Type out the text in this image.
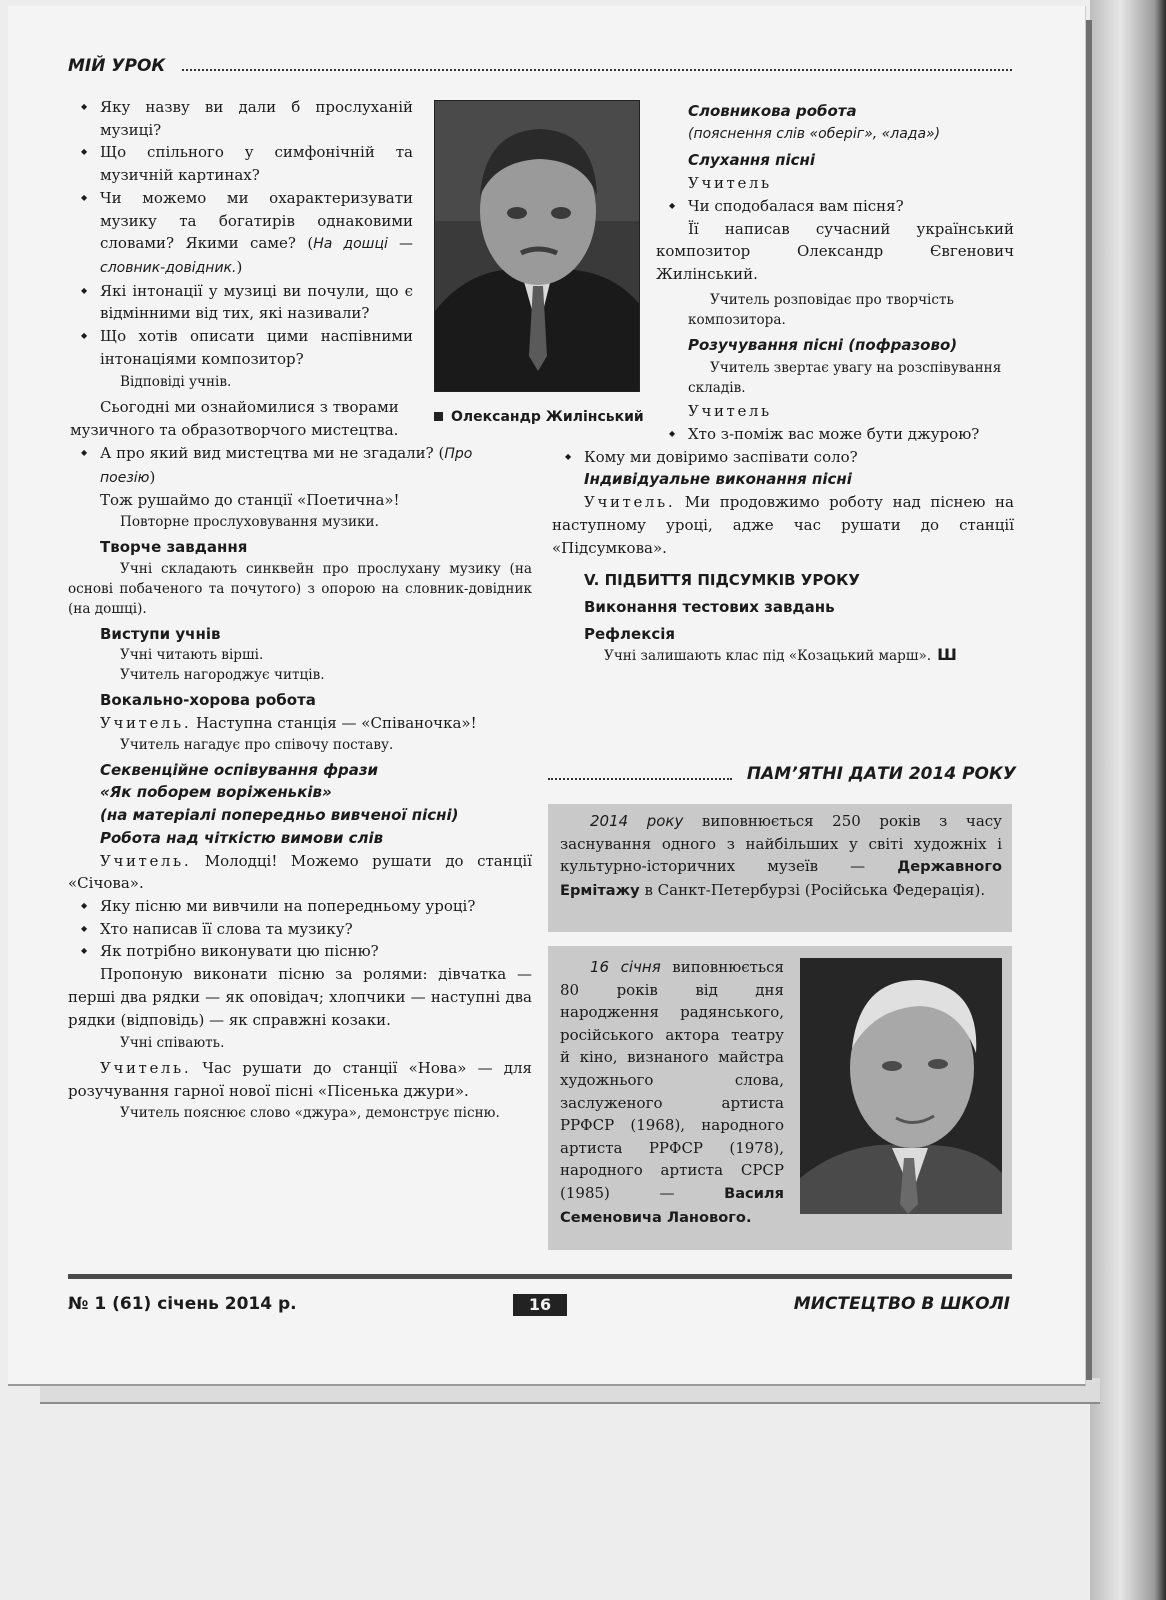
МІЙ УРОК
◆ Яку назву ви дали б прослуханій музиці?
◆ Що спільного у симфонічній та музичній картинах?
◆ Чи можемо ми охарактеризувати музику та богатирів однаковими словами? Якими саме? (На дошці — словник-довідник.)
◆ Які інтонації у музиці ви почули, що є відмінними від тих, які називали?
◆ Що хотів описати цими наспівними інтонаціями композитор?
Відповіді учнів.

Сьогодні ми ознайомилися з творами музичного та образотворчого мистецтва.

◆ А про який вид мистецтва ми не згадали? (Про поезію)

Тож рушаймо до станції «Поетична»!

Повторне прослуховування музики.
Творче завдання
Учні складають синквейн про прослухану музику (на основі побаченого та почутого) з опорою на словник-довідник (на дошці).
Виступи учнів
Учні читають вірші.
Учитель нагороджує читців.
Вокально-хорова робота

Учитель. Наступна станція — «Співаночка»!

Учитель нагадує про співочу поставу.
Секвенційне оспівування фрази
«Як поборем воріженьків»
(на матеріалі попередньо вивченої пісні)
Робота над чіткістю вимови слів

Учитель. Молодці! Можемо рушати до станції «Січова».

◆ Яку пісню ми вивчили на попередньому уроці?
◆ Хто написав її слова та музику?
◆ Як потрібно виконувати цю пісню?

Пропоную виконати пісню за ролями: дівчатка — перші два рядки — як оповідач; хлопчики — наступні два рядки (відповідь) — як справжні козаки.

Учні співають.

Учитель. Час рушати до станції «Нова» — для розучування гарної нової пісні «Пісенька джури».

Учитель пояснює слово «джура», демонструє пісню.
Олександр Жилінський
Словникова робота
(пояснення слів «оберіг», «лада»)
Слухання пісні
Учитель
◆ Чи сподобалася вам пісня?

Її написав сучасний український композитор Олександр Євгенович Жилінський.

Учитель розповідає про творчість композитора.
Розучування пісні (пофразово)
Учитель звертає увагу на розспівування складів.
Учитель
◆ Хто з-поміж вас може бути джурою?
◆ Кому ми довіримо заспівати соло?
Індивідуальне виконання пісні

Учитель. Ми продовжимо роботу над піснею на наступному уроці, адже час рушати до станції «Підсумкова».

V. ПІДБИТТЯ ПІДСУМКІВ УРОКУ
Виконання тестових завдань
Рефлексія
Учні залишають клас під «Козацький марш». Ш
ПАМ’ЯТНІ ДАТИ 2014 РОКУ
2014 року виповнюється 250 років з часу заснування одного з найбільших у світі художніх і культурно-історичних музеїв — Державного Ермітажу в Санкт-Петербурзі (Російська Федерація).
16 січня виповнюється 80 років від дня народження радянського, російського актора театру й кіно, визнаного майстра художнього слова, заслуженого артиста РРФСР (1968), народного артиста РРФСР (1978), народного артиста СРСР (1985) — Василя Семеновича Ланового.
№ 1 (61) січень 2014 р.	16	МИСТЕЦТВО В ШКОЛІ
